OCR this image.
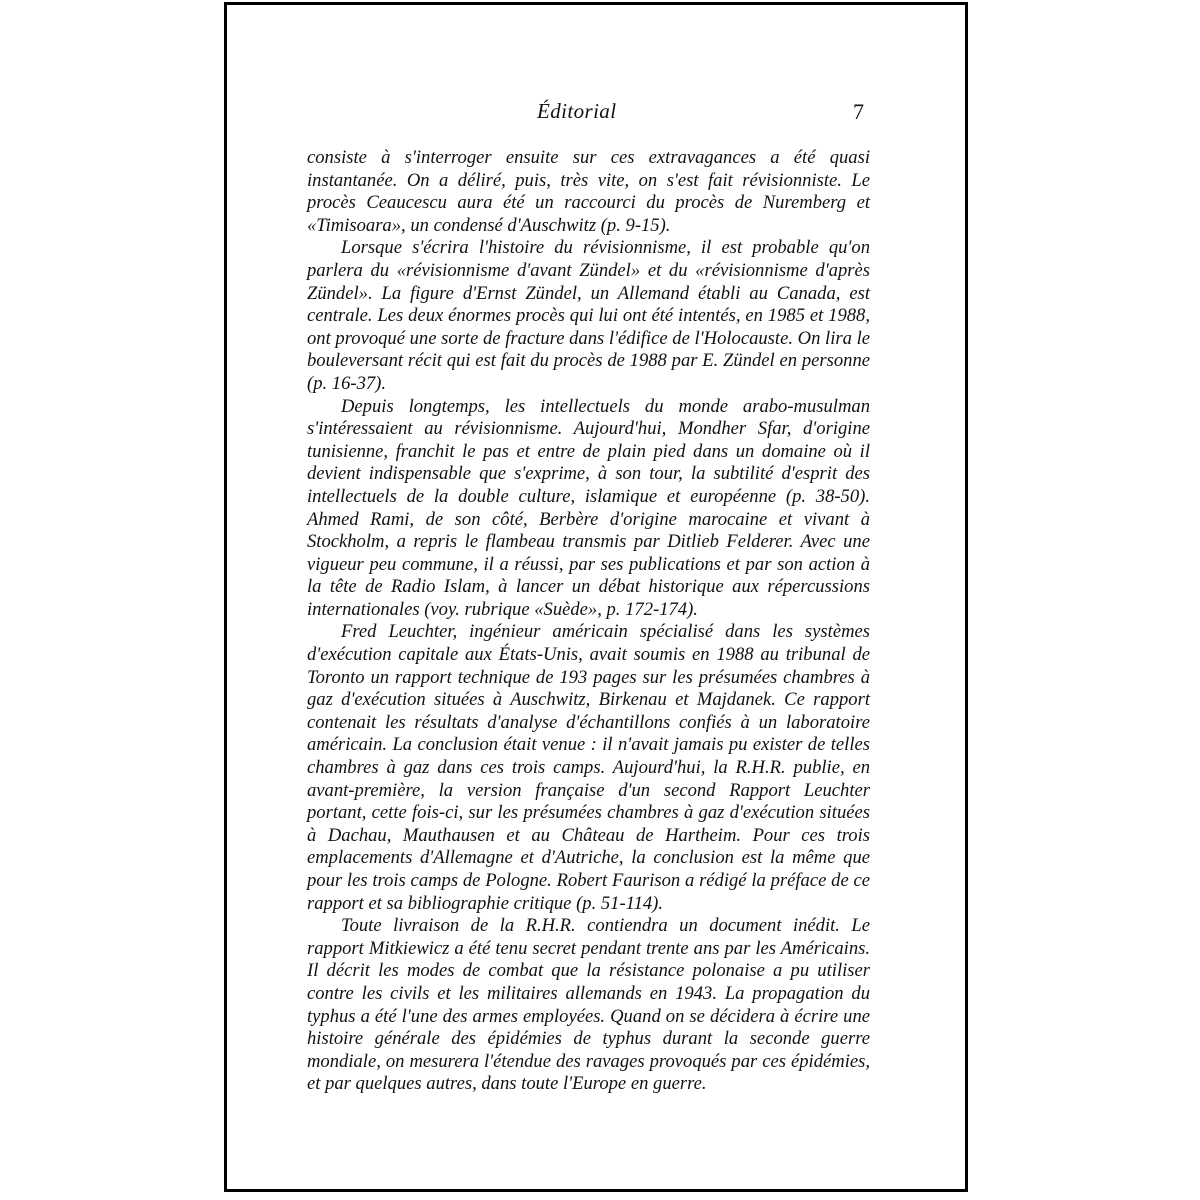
Éditorial	7

consiste à s'interroger ensuite sur ces extravagances a été quasi instantanée. On a déliré, puis, très vite, on s'est fait révisionniste. Le procès Ceaucescu aura été un raccourci du procès de Nuremberg et «Timisoara», un condensé d'Auschwitz (p. 9-15).

Lorsque s'écrira l'histoire du révisionnisme, il est probable qu'on parlera du «révisionnisme d'avant Zündel» et du «révisionnisme d'après Zündel». La figure d'Ernst Zündel, un Allemand établi au Canada, est centrale. Les deux énormes procès qui lui ont été intentés, en 1985 et 1988, ont provoqué une sorte de fracture dans l'édifice de l'Holocauste. On lira le bouleversant récit qui est fait du procès de 1988 par E. Zündel en personne (p. 16-37).

Depuis longtemps, les intellectuels du monde arabo-musulman s'intéressaient au révisionnisme. Aujourd'hui, Mondher Sfar, d'origine tunisienne, franchit le pas et entre de plain pied dans un domaine où il devient indispensable que s'exprime, à son tour, la subtilité d'esprit des intellectuels de la double culture, islamique et européenne (p. 38-50). Ahmed Rami, de son côté, Berbère d'origine marocaine et vivant à Stockholm, a repris le flambeau transmis par Ditlieb Felderer. Avec une vigueur peu commune, il a réussi, par ses publications et par son action à la tête de Radio Islam, à lancer un débat historique aux répercussions internationales (voy. rubrique «Suède», p. 172-174).

Fred Leuchter, ingénieur américain spécialisé dans les systèmes d'exécution capitale aux États-Unis, avait soumis en 1988 au tribunal de Toronto un rapport technique de 193 pages sur les présumées chambres à gaz d'exécution situées à Auschwitz, Birkenau et Majdanek. Ce rapport contenait les résultats d'analyse d'échantillons confiés à un laboratoire américain. La conclusion était venue : il n'avait jamais pu exister de telles chambres à gaz dans ces trois camps. Aujourd'hui, la R.H.R. publie, en avant-première, la version française d'un second Rapport Leuchter portant, cette fois-ci, sur les présumées chambres à gaz d'exécution situées à Dachau, Mauthausen et au Château de Hartheim. Pour ces trois emplacements d'Allemagne et d'Autriche, la conclusion est la même que pour les trois camps de Pologne. Robert Faurison a rédigé la préface de ce rapport et sa bibliographie critique (p. 51-114).

Toute livraison de la R.H.R. contiendra un document inédit. Le rapport Mitkiewicz a été tenu secret pendant trente ans par les Américains. Il décrit les modes de combat que la résistance polonaise a pu utiliser contre les civils et les militaires allemands en 1943. La propagation du typhus a été l'une des armes employées. Quand on se décidera à écrire une histoire générale des épidémies de typhus durant la seconde guerre mondiale, on mesurera l'étendue des ravages provoqués par ces épidémies, et par quelques autres, dans toute l'Europe en guerre.
